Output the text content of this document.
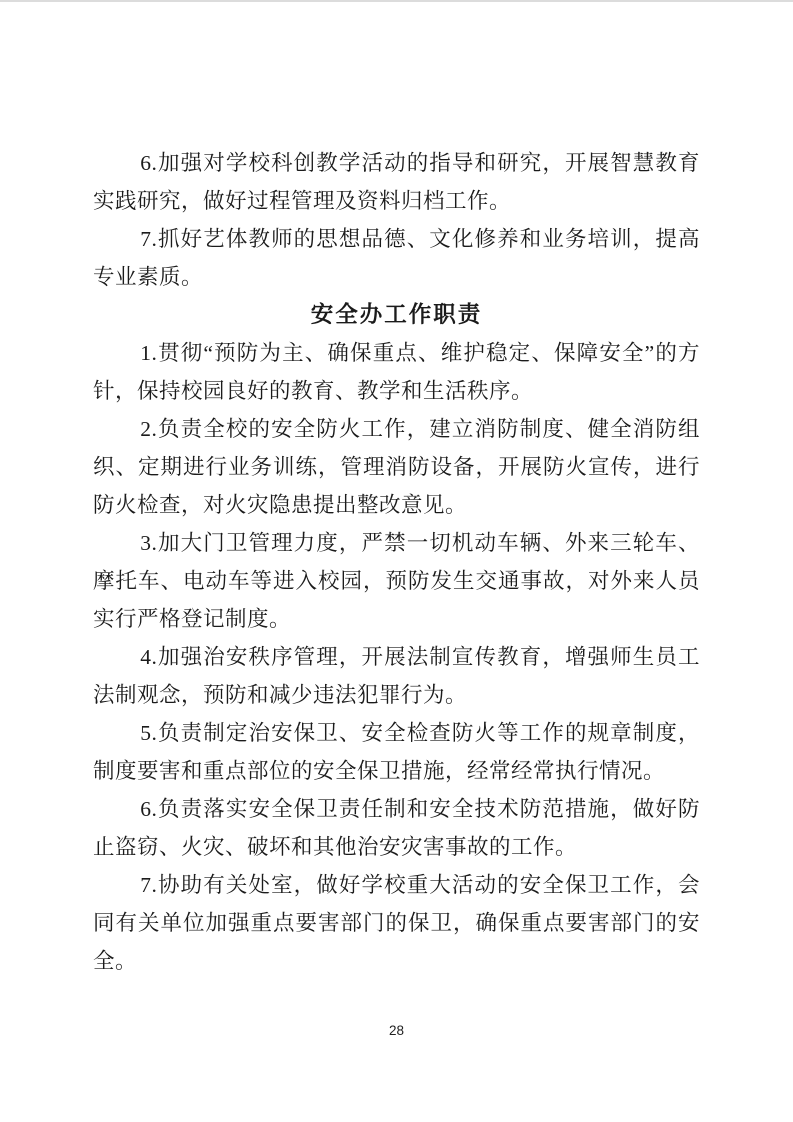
6.加强对学校科创教学活动的指导和研究，开展智慧教育实践研究，做好过程管理及资料归档工作。

7.抓好艺体教师的思想品德、文化修养和业务培训，提高专业素质。

安全办工作职责

1.贯彻“预防为主、确保重点、维护稳定、保障安全”的方针，保持校园良好的教育、教学和生活秩序。

2.负责全校的安全防火工作，建立消防制度、健全消防组织、定期进行业务训练，管理消防设备，开展防火宣传，进行防火检查，对火灾隐患提出整改意见。

3.加大门卫管理力度，严禁一切机动车辆、外来三轮车、摩托车、电动车等进入校园，预防发生交通事故，对外来人员实行严格登记制度。

4.加强治安秩序管理，开展法制宣传教育，增强师生员工法制观念，预防和减少违法犯罪行为。

5.负责制定治安保卫、安全检查防火等工作的规章制度，制度要害和重点部位的安全保卫措施，经常经常执行情况。

6.负责落实安全保卫责任制和安全技术防范措施，做好防止盗窃、火灾、破坏和其他治安灾害事故的工作。

7.协助有关处室，做好学校重大活动的安全保卫工作，会同有关单位加强重点要害部门的保卫，确保重点要害部门的安全。

28
